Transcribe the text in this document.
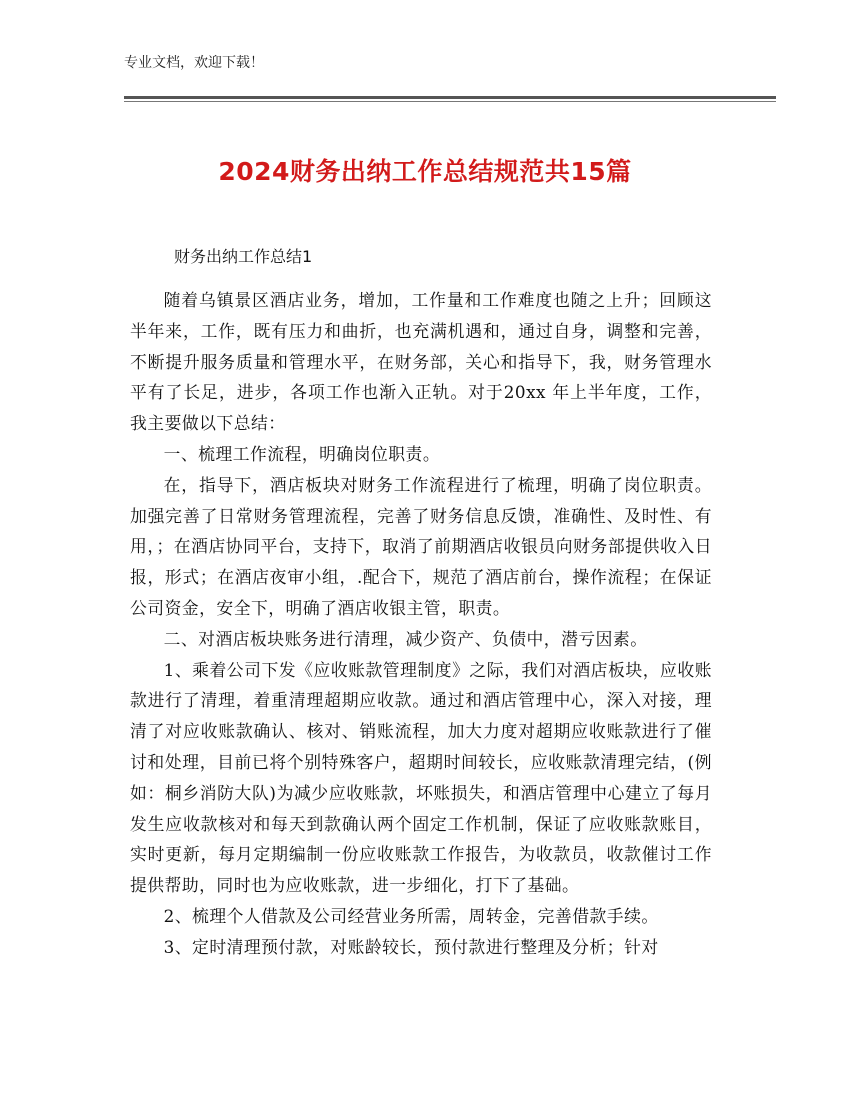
专业文档，欢迎下载！
2024财务出纳工作总结规范共15篇
财务出纳工作总结1

随着乌镇景区酒店业务，增加，工作量和工作难度也随之上升；回顾这半年来，工作，既有压力和曲折，也充满机遇和，通过自身，调整和完善，不断提升服务质量和管理水平，在财务部，关心和指导下，我，财务管理水平有了长足，进步，各项工作也渐入正轨。对于20xx 年上半年度，工作，我主要做以下总结：

一、梳理工作流程，明确岗位职责。

在，指导下，酒店板块对财务工作流程进行了梳理，明确了岗位职责。加强完善了日常财务管理流程，完善了财务信息反馈，准确性、及时性、有用，；在酒店协同平台，支持下，取消了前期酒店收银员向财务部提供收入日报，形式；在酒店夜审小组，.配合下，规范了酒店前台，操作流程；在保证公司资金，安全下，明确了酒店收银主管，职责。

二、对酒店板块账务进行清理，减少资产、负债中，潜亏因素。

1、乘着公司下发《应收账款管理制度》之际，我们对酒店板块，应收账款进行了清理，着重清理超期应收款。通过和酒店管理中心，深入对接，理清了对应收账款确认、核对、销账流程，加大力度对超期应收账款进行了催讨和处理，目前已将个别特殊客户，超期时间较长，应收账款清理完结，(例如：桐乡消防大队)为减少应收账款，坏账损失，和酒店管理中心建立了每月发生应收款核对和每天到款确认两个固定工作机制，保证了应收账款账目，实时更新，每月定期编制一份应收账款工作报告，为收款员，收款催讨工作提供帮助，同时也为应收账款，进一步细化，打下了基础。

2、梳理个人借款及公司经营业务所需，周转金，完善借款手续。

3、定时清理预付款，对账龄较长，预付款进行整理及分析；针对
